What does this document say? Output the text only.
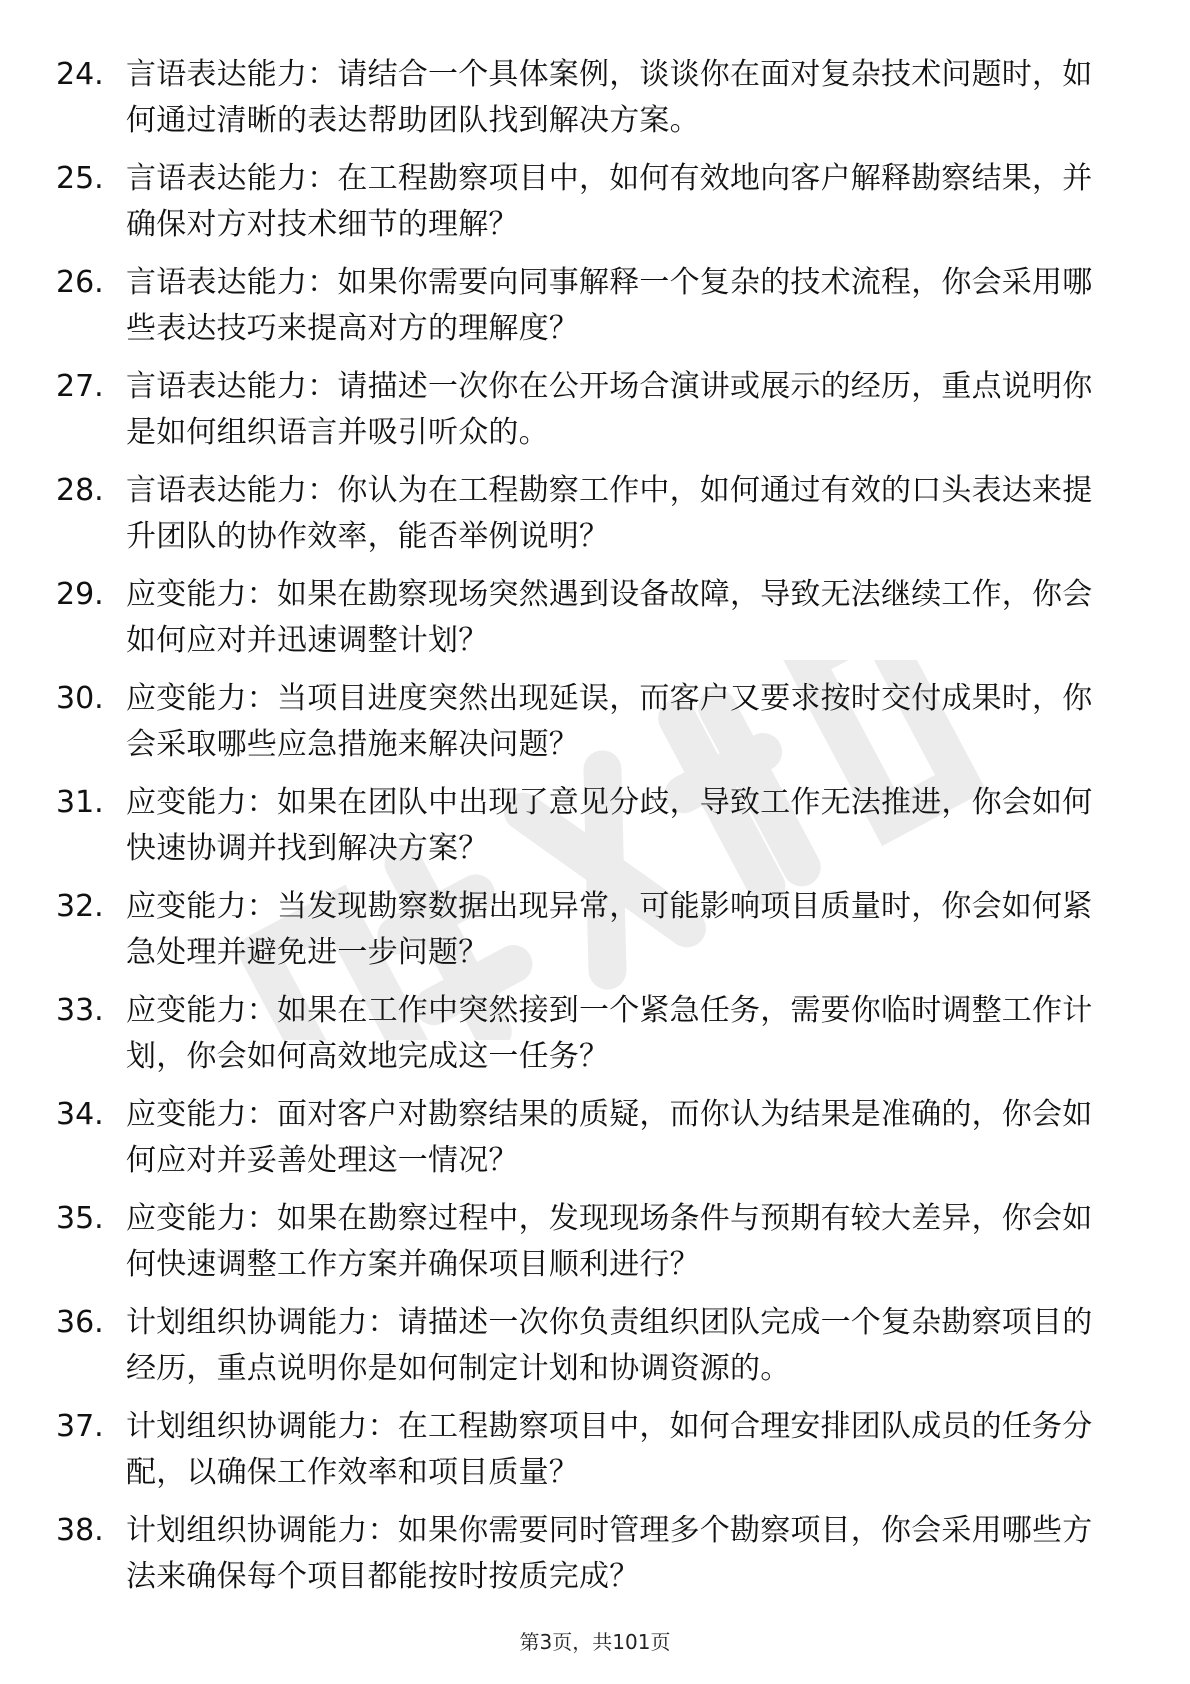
24. 言语表达能力：请结合一个具体案例，谈谈你在面对复杂技术问题时，如何通过清晰的表达帮助团队找到解决方案。
25. 言语表达能力：在工程勘察项目中，如何有效地向客户解释勘察结果，并确保对方对技术细节的理解？
26. 言语表达能力：如果你需要向同事解释一个复杂的技术流程，你会采用哪些表达技巧来提高对方的理解度？
27. 言语表达能力：请描述一次你在公开场合演讲或展示的经历，重点说明你是如何组织语言并吸引听众的。
28. 言语表达能力：你认为在工程勘察工作中，如何通过有效的口头表达来提升团队的协作效率，能否举例说明？
29. 应变能力：如果在勘察现场突然遇到设备故障，导致无法继续工作，你会如何应对并迅速调整计划？
30. 应变能力：当项目进度突然出现延误，而客户又要求按时交付成果时，你会采取哪些应急措施来解决问题？
31. 应变能力：如果在团队中出现了意见分歧，导致工作无法推进，你会如何快速协调并找到解决方案？
32. 应变能力：当发现勘察数据出现异常，可能影响项目质量时，你会如何紧急处理并避免进一步问题？
33. 应变能力：如果在工作中突然接到一个紧急任务，需要你临时调整工作计划，你会如何高效地完成这一任务？
34. 应变能力：面对客户对勘察结果的质疑，而你认为结果是准确的，你会如何应对并妥善处理这一情况？
35. 应变能力：如果在勘察过程中，发现现场条件与预期有较大差异，你会如何快速调整工作方案并确保项目顺利进行？
36. 计划组织协调能力：请描述一次你负责组织团队完成一个复杂勘察项目的经历，重点说明你是如何制定计划和协调资源的。
37. 计划组织协调能力：在工程勘察项目中，如何合理安排团队成员的任务分配，以确保工作效率和项目质量？
38. 计划组织协调能力：如果你需要同时管理多个勘察项目，你会采用哪些方法来确保每个项目都能按时按质完成？
第3页，共101页
